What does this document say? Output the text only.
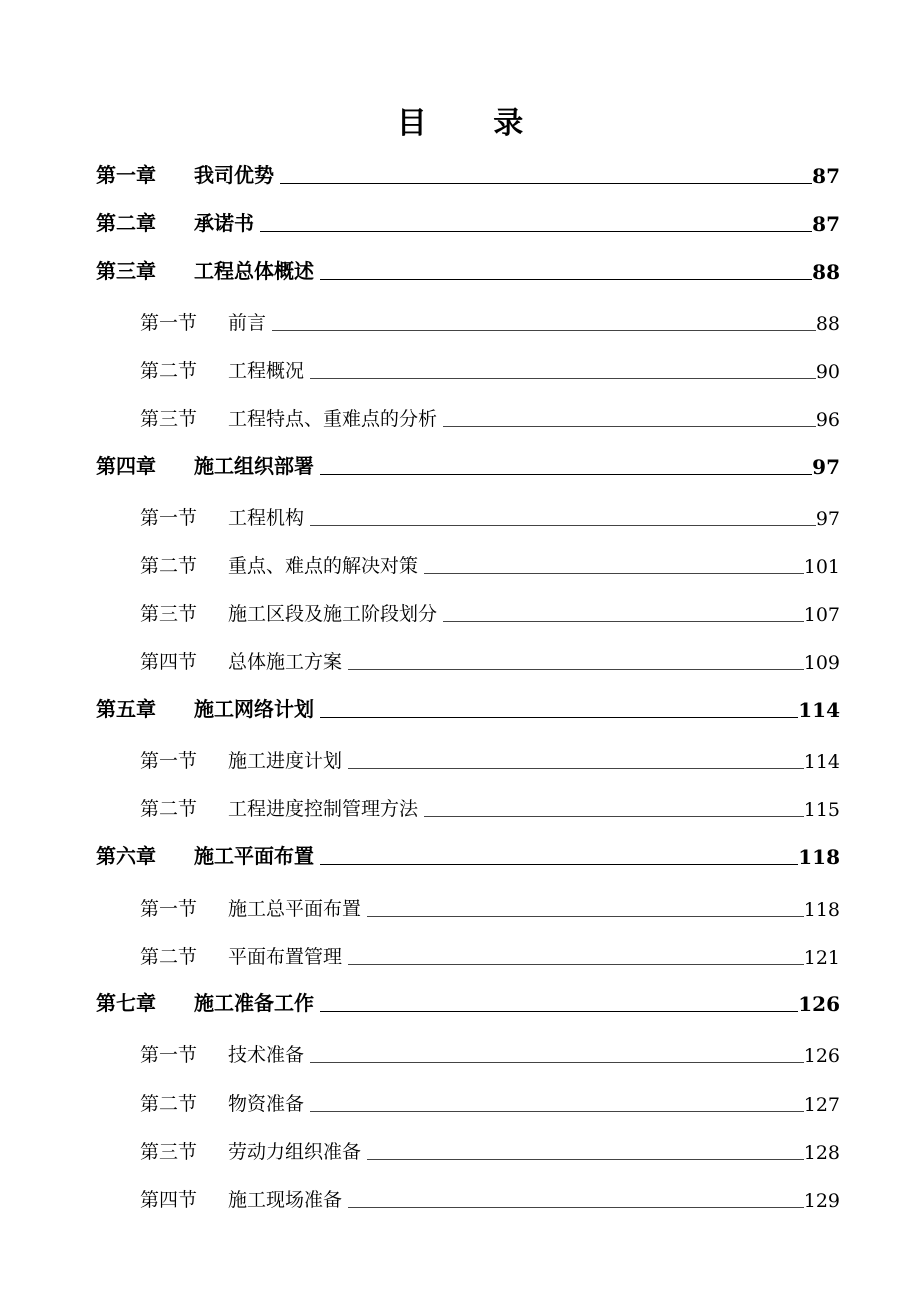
目 录
第一章	我司优势	87
第二章	承诺书	87
第三章	工程总体概述	88
第一节	前言	88
第二节	工程概况	90
第三节	工程特点、重难点的分析	96
第四章	施工组织部署	97
第一节	工程机构	97
第二节	重点、难点的解决对策	101
第三节	施工区段及施工阶段划分	107
第四节	总体施工方案	109
第五章	施工网络计划	114
第一节	施工进度计划	114
第二节	工程进度控制管理方法	115
第六章	施工平面布置	118
第一节	施工总平面布置	118
第二节	平面布置管理	121
第七章	施工准备工作	126
第一节	技术准备	126
第二节	物资准备	127
第三节	劳动力组织准备	128
第四节	施工现场准备	129
